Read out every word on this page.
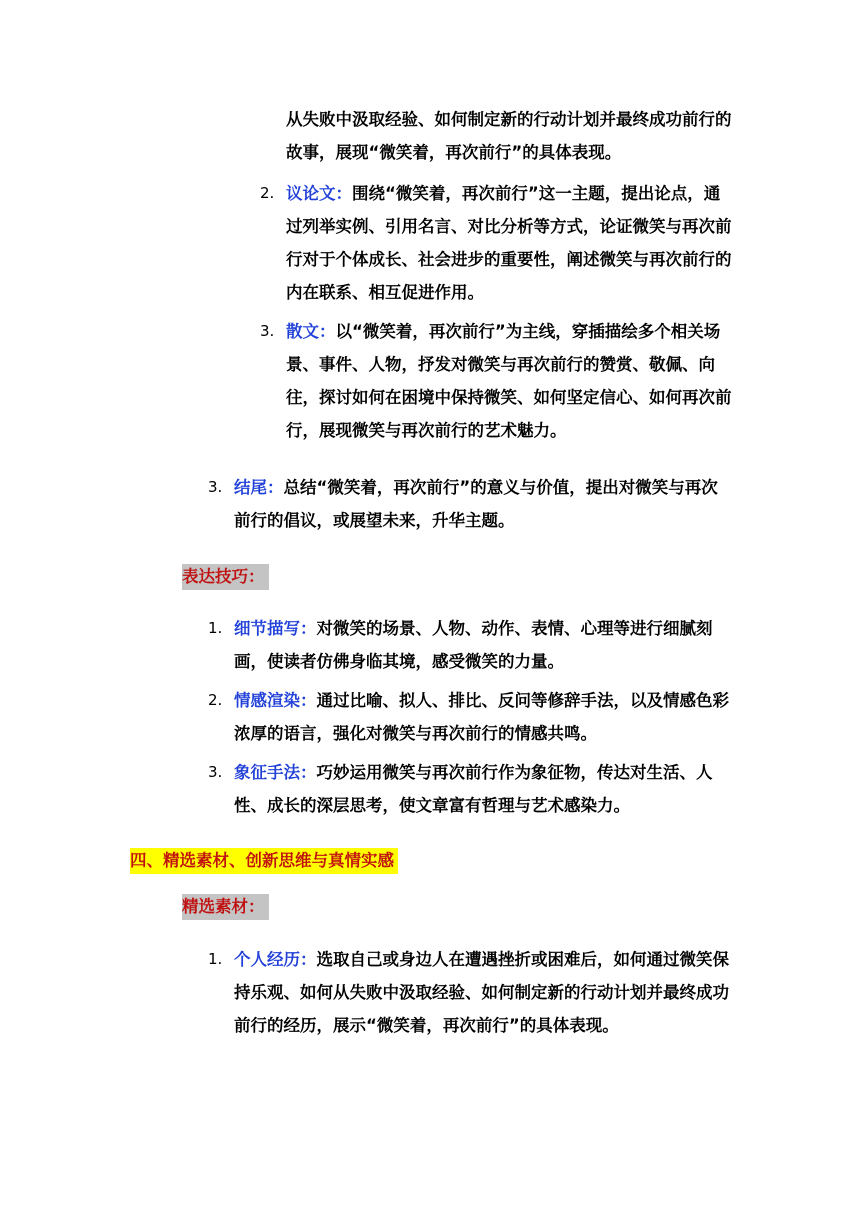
从失败中汲取经验、如何制定新的行动计划并最终成功前行的故事，展现“微笑着，再次前行”的具体表现。

2. 议论文：围绕“微笑着，再次前行”这一主题，提出论点，通过列举实例、引用名言、对比分析等方式，论证微笑与再次前行对于个体成长、社会进步的重要性，阐述微笑与再次前行的内在联系、相互促进作用。

3. 散文：以“微笑着，再次前行”为主线，穿插描绘多个相关场景、事件、人物，抒发对微笑与再次前行的赞赏、敬佩、向往，探讨如何在困境中保持微笑、如何坚定信心、如何再次前行，展现微笑与再次前行的艺术魅力。

3. 结尾：总结“微笑着，再次前行”的意义与价值，提出对微笑与再次前行的倡议，或展望未来，升华主题。

表达技巧：
1. 细节描写：对微笑的场景、人物、动作、表情、心理等进行细腻刻画，使读者仿佛身临其境，感受微笑的力量。

2. 情感渲染：通过比喻、拟人、排比、反问等修辞手法，以及情感色彩浓厚的语言，强化对微笑与再次前行的情感共鸣。

3. 象征手法：巧妙运用微笑与再次前行作为象征物，传达对生活、人性、成长的深层思考，使文章富有哲理与艺术感染力。

四、精选素材、创新思维与真情实感
精选素材：
1. 个人经历：选取自己或身边人在遭遇挫折或困难后，如何通过微笑保持乐观、如何从失败中汲取经验、如何制定新的行动计划并最终成功前行的经历，展示“微笑着，再次前行”的具体表现。
